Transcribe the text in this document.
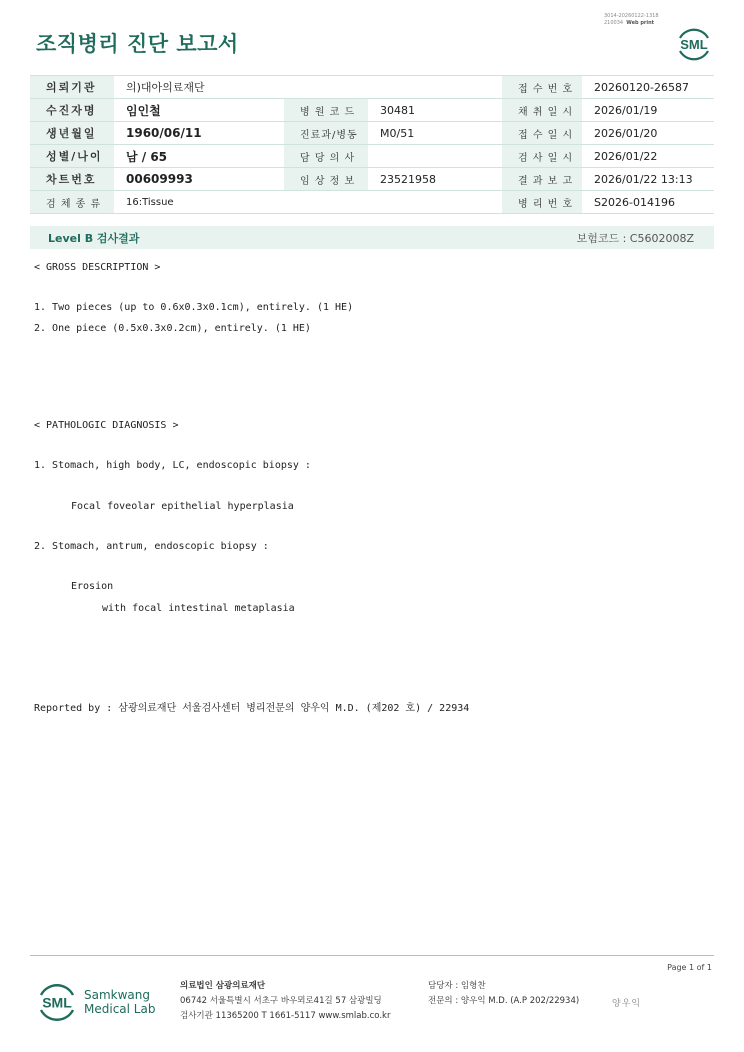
조직병리 진단 보고서
3014-20260122-1318
210034 Web print
SML
의뢰기관	의)대아의료재단			접 수 번 호	20260120-26587
수진자명	임인철	병 원 코 드	30481	채 취 일 시	2026/01/19
생년월일	1960/06/11	진료과/병동	M0/51	접 수 일 시	2026/01/20
성별/나이	남 / 65	담 당 의 사		검 사 일 시	2026/01/22
차트번호	00609993	임 상 정 보	23521958	결 과 보 고	2026/01/22 13:13
검 체 종 류	16:Tissue			병 리 번 호	S2026-014196
Level B 검사결과	보험코드 : C5602008Z
< GROSS DESCRIPTION >
1. Two pieces (up to 0.6x0.3x0.1cm), entirely. (1 HE)
2. One piece (0.5x0.3x0.2cm), entirely. (1 HE)
< PATHOLOGIC DIAGNOSIS >
1. Stomach, high body, LC, endoscopic biopsy :
Focal foveolar epithelial hyperplasia
2. Stomach, antrum, endoscopic biopsy :
Erosion
with focal intestinal metaplasia
Reported by : 삼광의료재단 서울검사센터 병리전문의 양우익 M.D. (제202 호) / 22934
Page 1 of 1
SML Samkwang
Medical Lab
의료법인 삼광의료재단
06742 서울특별시 서초구 바우뫼로41길 57 삼광빌딩
검사기관 11365200 T 1661-5117 www.smlab.co.kr
담당자 : 임형찬
전문의 : 양우익 M.D. (A.P 202/22934)	양우익
